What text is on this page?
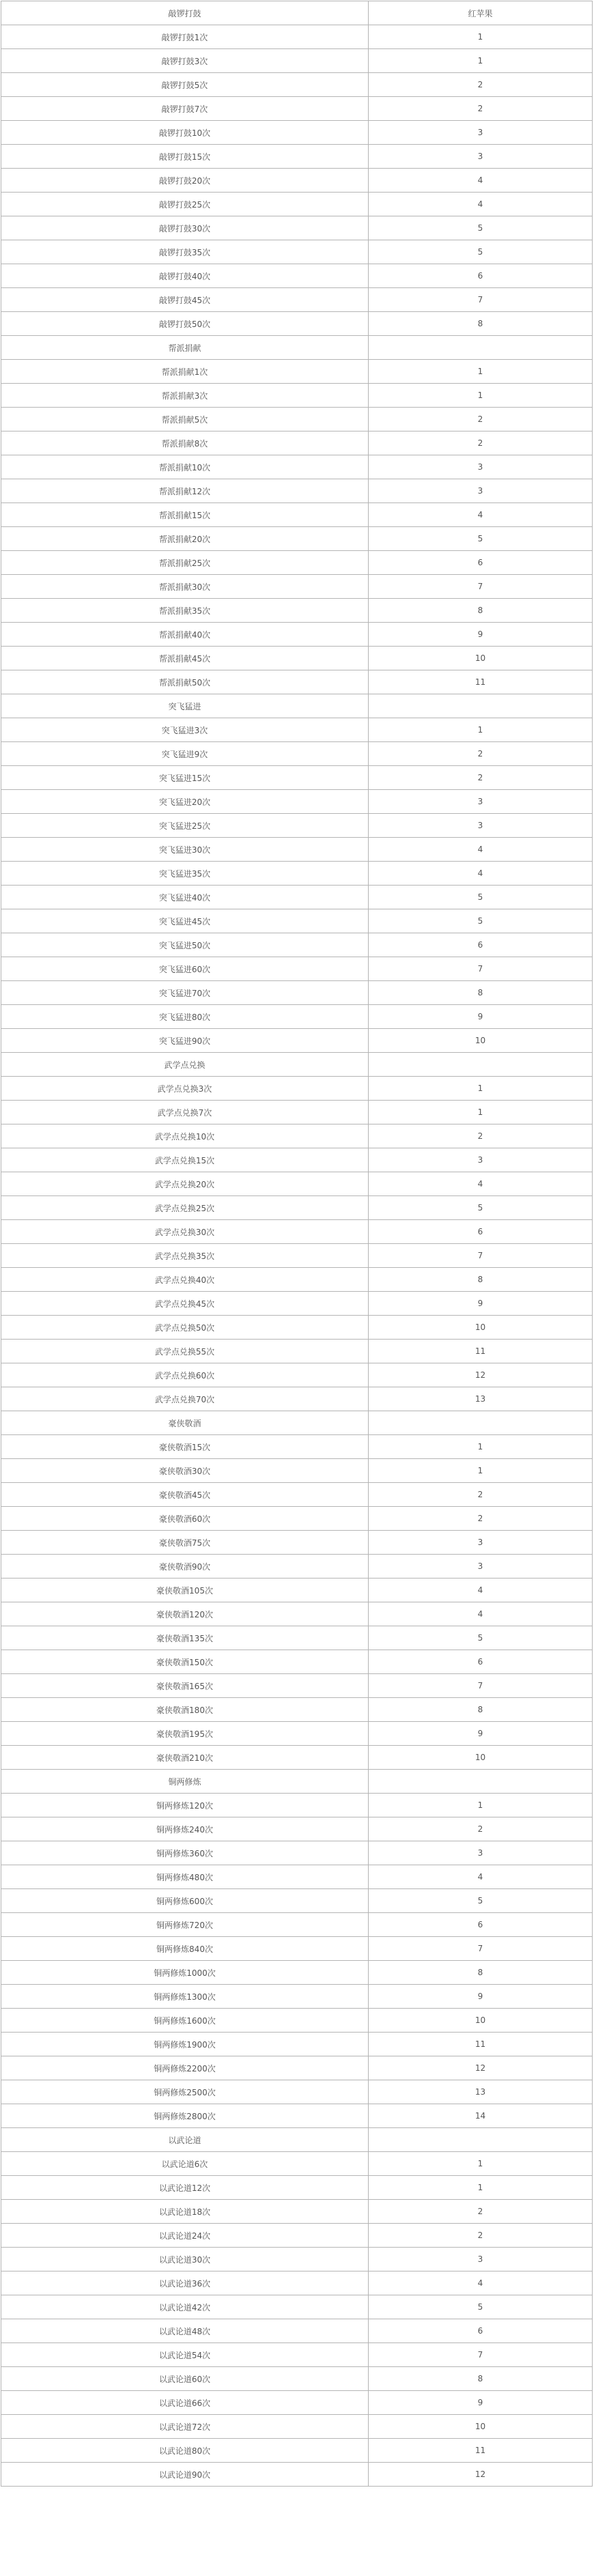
敲锣打鼓	红苹果
敲锣打鼓1次	1
敲锣打鼓3次	1
敲锣打鼓5次	2
敲锣打鼓7次	2
敲锣打鼓10次	3
敲锣打鼓15次	3
敲锣打鼓20次	4
敲锣打鼓25次	4
敲锣打鼓30次	5
敲锣打鼓35次	5
敲锣打鼓40次	6
敲锣打鼓45次	7
敲锣打鼓50次	8
帮派捐献	
帮派捐献1次	1
帮派捐献3次	1
帮派捐献5次	2
帮派捐献8次	2
帮派捐献10次	3
帮派捐献12次	3
帮派捐献15次	4
帮派捐献20次	5
帮派捐献25次	6
帮派捐献30次	7
帮派捐献35次	8
帮派捐献40次	9
帮派捐献45次	10
帮派捐献50次	11
突飞猛进	
突飞猛进3次	1
突飞猛进9次	2
突飞猛进15次	2
突飞猛进20次	3
突飞猛进25次	3
突飞猛进30次	4
突飞猛进35次	4
突飞猛进40次	5
突飞猛进45次	5
突飞猛进50次	6
突飞猛进60次	7
突飞猛进70次	8
突飞猛进80次	9
突飞猛进90次	10
武学点兑换	
武学点兑换3次	1
武学点兑换7次	1
武学点兑换10次	2
武学点兑换15次	3
武学点兑换20次	4
武学点兑换25次	5
武学点兑换30次	6
武学点兑换35次	7
武学点兑换40次	8
武学点兑换45次	9
武学点兑换50次	10
武学点兑换55次	11
武学点兑换60次	12
武学点兑换70次	13
豪侠敬酒	
豪侠敬酒15次	1
豪侠敬酒30次	1
豪侠敬酒45次	2
豪侠敬酒60次	2
豪侠敬酒75次	3
豪侠敬酒90次	3
豪侠敬酒105次	4
豪侠敬酒120次	4
豪侠敬酒135次	5
豪侠敬酒150次	6
豪侠敬酒165次	7
豪侠敬酒180次	8
豪侠敬酒195次	9
豪侠敬酒210次	10
铜两修炼	
铜两修炼120次	1
铜两修炼240次	2
铜两修炼360次	3
铜两修炼480次	4
铜两修炼600次	5
铜两修炼720次	6
铜两修炼840次	7
铜两修炼1000次	8
铜两修炼1300次	9
铜两修炼1600次	10
铜两修炼1900次	11
铜两修炼2200次	12
铜两修炼2500次	13
铜两修炼2800次	14
以武论道	
以武论道6次	1
以武论道12次	1
以武论道18次	2
以武论道24次	2
以武论道30次	3
以武论道36次	4
以武论道42次	5
以武论道48次	6
以武论道54次	7
以武论道60次	8
以武论道66次	9
以武论道72次	10
以武论道80次	11
以武论道90次	12
